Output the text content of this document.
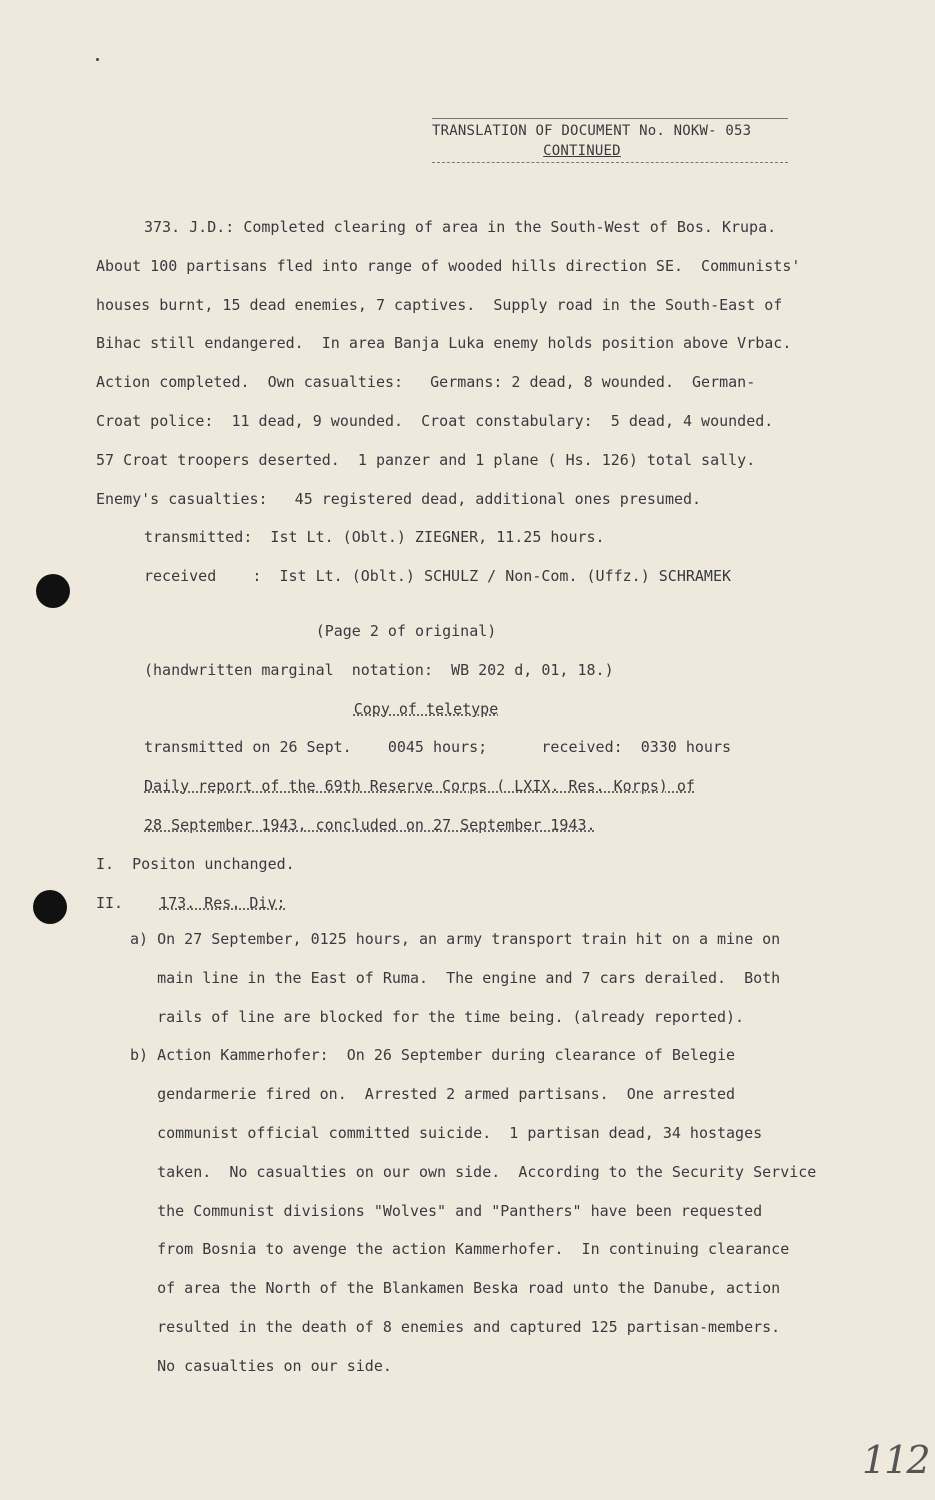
TRANSLATION OF DOCUMENT No. NOKW- 053
CONTINUED
373. J.D.: Completed clearing of area in the South-West of Bos. Krupa.
About 100 partisans fled into range of wooded hills direction SE.  Communists'
houses burnt, 15 dead enemies, 7 captives.  Supply road in the South-East of
Bihac still endangered.  In area Banja Luka enemy holds position above Vrbac.
Action completed.  Own casualties:   Germans: 2 dead, 8 wounded.  German-
Croat police:  11 dead, 9 wounded.  Croat constabulary:  5 dead, 4 wounded.
57 Croat troopers deserted.  1 panzer and 1 plane ( Hs. 126) total sally.
Enemy's casualties:   45 registered dead, additional ones presumed.
transmitted:  Ist Lt. (Oblt.) ZIEGNER, 11.25 hours.
received    :  Ist Lt. (Oblt.) SCHULZ / Non-Com. (Uffz.) SCHRAMEK
(Page 2 of original)
(handwritten marginal  notation:  WB 202 d, 01, 18.)
Copy of teletype
transmitted on 26 Sept.    0045 hours;      received:  0330 hours
Daily report of the 69th Reserve Corps ( LXIX. Res. Korps) of
28 September 1943, concluded on 27 September 1943.
I.  Positon unchanged.
II. 173. Res. Div:
a) On 27 September, 0125 hours, an army transport train hit on a mine on
main line in the East of Ruma.  The engine and 7 cars derailed.  Both
rails of line are blocked for the time being. (already reported).
b) Action Kammerhofer:  On 26 September during clearance of Belegie
gendarmerie fired on.  Arrested 2 armed partisans.  One arrested
communist official committed suicide.  1 partisan dead, 34 hostages
taken.  No casualties on our own side.  According to the Security Service
the Communist divisions "Wolves" and "Panthers" have been requested
from Bosnia to avenge the action Kammerhofer.  In continuing clearance
of area the North of the Blankamen Beska road unto the Danube, action
resulted in the death of 8 enemies and captured 125 partisan-members.
No casualties on our side.
112
